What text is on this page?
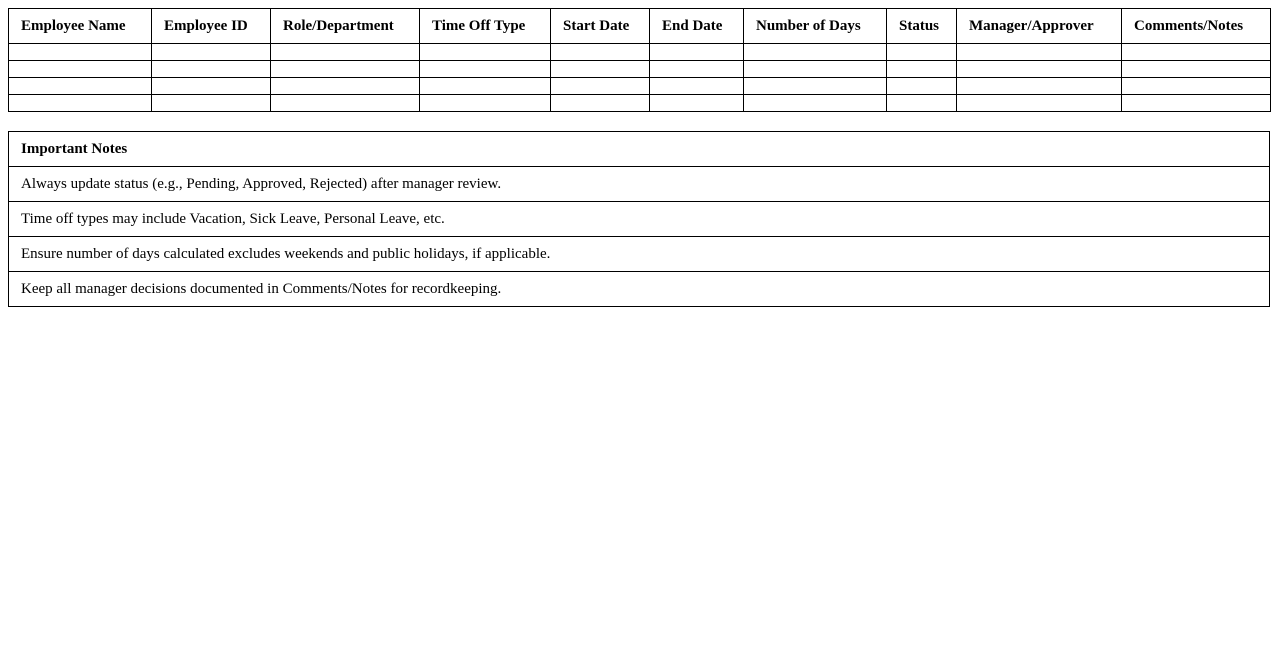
Employee Name	Employee ID	Role/Department	Time Off Type	Start Date	End Date	Number of Days	Status	Manager/Approver	Comments/Notes

Important Notes
Always update status (e.g., Pending, Approved, Rejected) after manager review.
Time off types may include Vacation, Sick Leave, Personal Leave, etc.
Ensure number of days calculated excludes weekends and public holidays, if applicable.
Keep all manager decisions documented in Comments/Notes for recordkeeping.
